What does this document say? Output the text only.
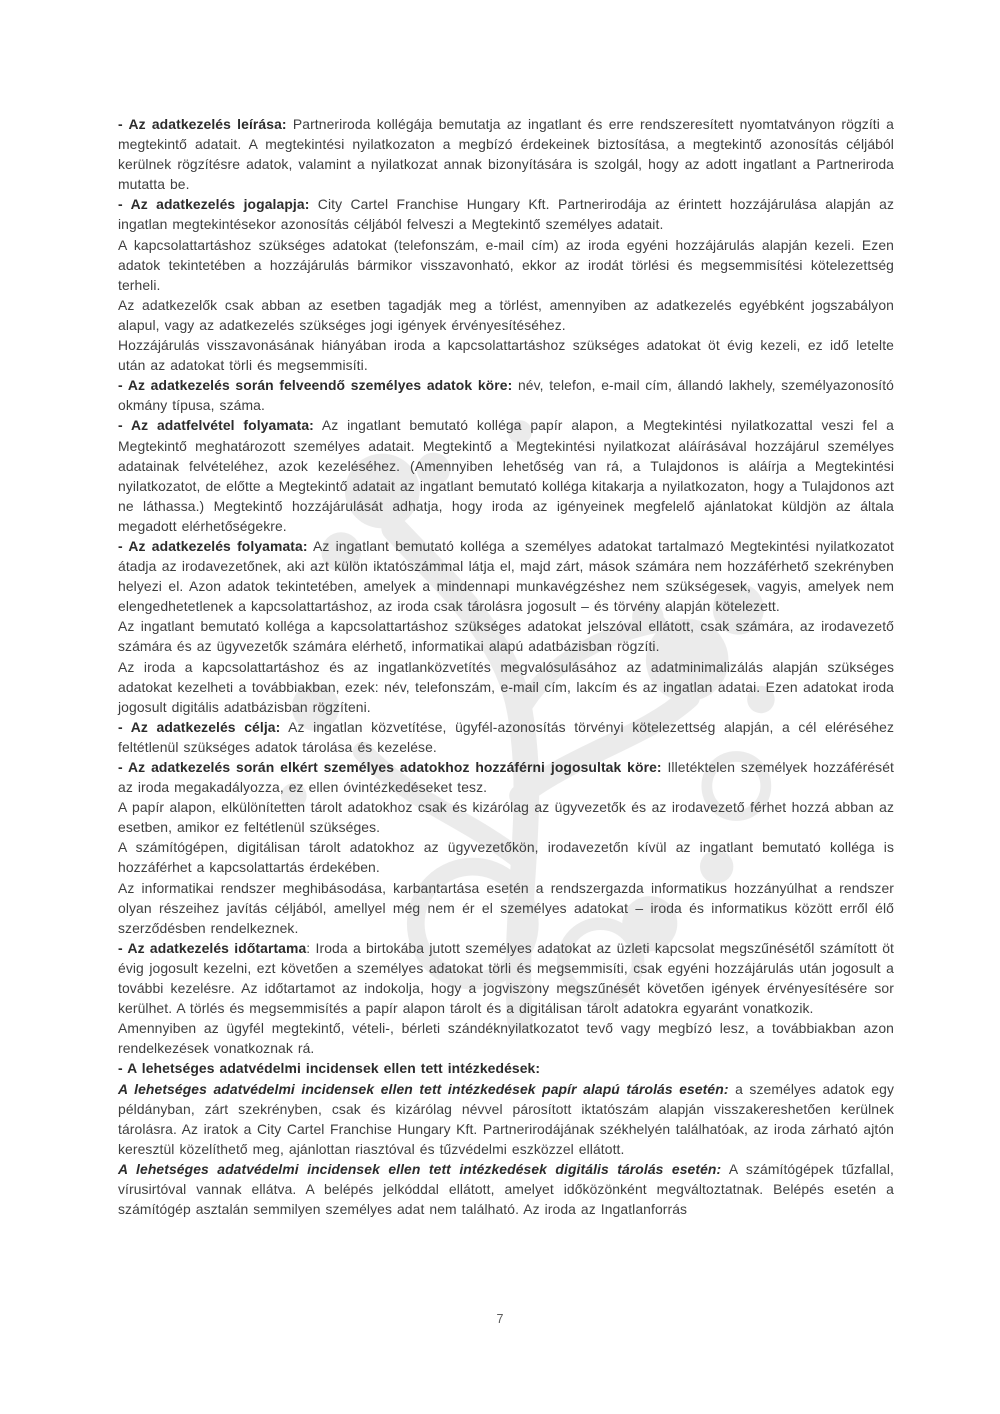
- Az adatkezelés leírása: Partneriroda kollégája bemutatja az ingatlant és erre rendszeresített nyomtatványon rögzíti a megtekintő adatait. A megtekintési nyilatkozaton a megbízó érdekeinek biztosítása, a megtekintő azonosítás céljából kerülnek rögzítésre adatok, valamint a nyilatkozat annak bizonyítására is szolgál, hogy az adott ingatlant a Partneriroda mutatta be.

- Az adatkezelés jogalapja: City Cartel Franchise Hungary Kft. Partnerirodája az érintett hozzájárulása alapján az ingatlan megtekintésekor azonosítás céljából felveszi a Megtekintő személyes adatait.

A kapcsolattartáshoz szükséges adatokat (telefonszám, e-mail cím) az iroda egyéni hozzájárulás alapján kezeli. Ezen adatok tekintetében a hozzájárulás bármikor visszavonható, ekkor az irodát törlési és megsemmisítési kötelezettség terheli.

Az adatkezelők csak abban az esetben tagadják meg a törlést, amennyiben az adatkezelés egyébként jogszabályon alapul, vagy az adatkezelés szükséges jogi igények érvényesítéséhez.

Hozzájárulás visszavonásának hiányában iroda a kapcsolattartáshoz szükséges adatokat öt évig kezeli, ez idő letelte után az adatokat törli és megsemmisíti.

- Az adatkezelés során felveendő személyes adatok köre: név, telefon, e-mail cím, állandó lakhely, személyazonosító okmány típusa, száma.

- Az adatfelvétel folyamata: Az ingatlant bemutató kolléga papír alapon, a Megtekintési nyilatkozattal veszi fel a Megtekintő meghatározott személyes adatait. Megtekintő a Megtekintési nyilatkozat aláírásával hozzájárul személyes adatainak felvételéhez, azok kezeléséhez. (Amennyiben lehetőség van rá, a Tulajdonos is aláírja a Megtekintési nyilatkozatot, de előtte a Megtekintő adatait az ingatlant bemutató kolléga kitakarja a nyilatkozaton, hogy a Tulajdonos azt ne láthassa.) Megtekintő hozzájárulását adhatja, hogy iroda az igényeinek megfelelő ajánlatokat küldjön az általa megadott elérhetőségekre.

- Az adatkezelés folyamata: Az ingatlant bemutató kolléga a személyes adatokat tartalmazó Megtekintési nyilatkozatot átadja az irodavezetőnek, aki azt külön iktatószámmal látja el, majd zárt, mások számára nem hozzáférhető szekrényben helyezi el. Azon adatok tekintetében, amelyek a mindennapi munkavégzéshez nem szükségesek, vagyis, amelyek nem elengedhetetlenek a kapcsolattartáshoz, az iroda csak tárolásra jogosult – és törvény alapján kötelezett.

Az ingatlant bemutató kolléga a kapcsolattartáshoz szükséges adatokat jelszóval ellátott, csak számára, az irodavezető számára és az ügyvezetők számára elérhető, informatikai alapú adatbázisban rögzíti.

Az iroda a kapcsolattartáshoz és az ingatlanközvetítés megvalósulásához az adatminimalizálás alapján szükséges adatokat kezelheti a továbbiakban, ezek: név, telefonszám, e-mail cím, lakcím és az ingatlan adatai. Ezen adatokat iroda jogosult digitális adatbázisban rögzíteni.

- Az adatkezelés célja: Az ingatlan közvetítése, ügyfél-azonosítás törvényi kötelezettség alapján, a cél eléréséhez feltétlenül szükséges adatok tárolása és kezelése.

- Az adatkezelés során elkért személyes adatokhoz hozzáférni jogosultak köre: Illetéktelen személyek hozzáférését az iroda megakadályozza, ez ellen óvintézkedéseket tesz.

A papír alapon, elkülönítetten tárolt adatokhoz csak és kizárólag az ügyvezetők és az irodavezető férhet hozzá abban az esetben, amikor ez feltétlenül szükséges.

A számítógépen, digitálisan tárolt adatokhoz az ügyvezetőkön, irodavezetőn kívül az ingatlant bemutató kolléga is hozzáférhet a kapcsolattartás érdekében.

Az informatikai rendszer meghibásodása, karbantartása esetén a rendszergazda informatikus hozzányúlhat a rendszer olyan részeihez javítás céljából, amellyel még nem ér el személyes adatokat – iroda és informatikus között erről élő szerződésben rendelkeznek.

- Az adatkezelés időtartama: Iroda a birtokába jutott személyes adatokat az üzleti kapcsolat megszűnésétől számított öt évig jogosult kezelni, ezt követően a személyes adatokat törli és megsemmisíti, csak egyéni hozzájárulás után jogosult a további kezelésre. Az időtartamot az indokolja, hogy a jogviszony megszűnését követően igények érvényesítésére sor kerülhet. A törlés és megsemmisítés a papír alapon tárolt és a digitálisan tárolt adatokra egyaránt vonatkozik.

Amennyiben az ügyfél megtekintő, vételi-, bérleti szándéknyilatkozatot tevő vagy megbízó lesz, a továbbiakban azon rendelkezések vonatkoznak rá.

- A lehetséges adatvédelmi incidensek ellen tett intézkedések:

A lehetséges adatvédelmi incidensek ellen tett intézkedések papír alapú tárolás esetén: a személyes adatok egy példányban, zárt szekrényben, csak és kizárólag névvel párosított iktatószám alapján visszakereshetően kerülnek tárolásra. Az iratok a City Cartel Franchise Hungary Kft. Partnerirodájának székhelyén találhatóak, az iroda zárható ajtón keresztül közelíthető meg, ajánlottan riasztóval és tűzvédelmi eszközzel ellátott.

A lehetséges adatvédelmi incidensek ellen tett intézkedések digitális tárolás esetén: A számítógépek tűzfallal, vírusirtóval vannak ellátva. A belépés jelkóddal ellátott, amelyet időközönként megváltoztatnak. Belépés esetén a számítógép asztalán semmilyen személyes adat nem található. Az iroda az Ingatlanforrás

7
